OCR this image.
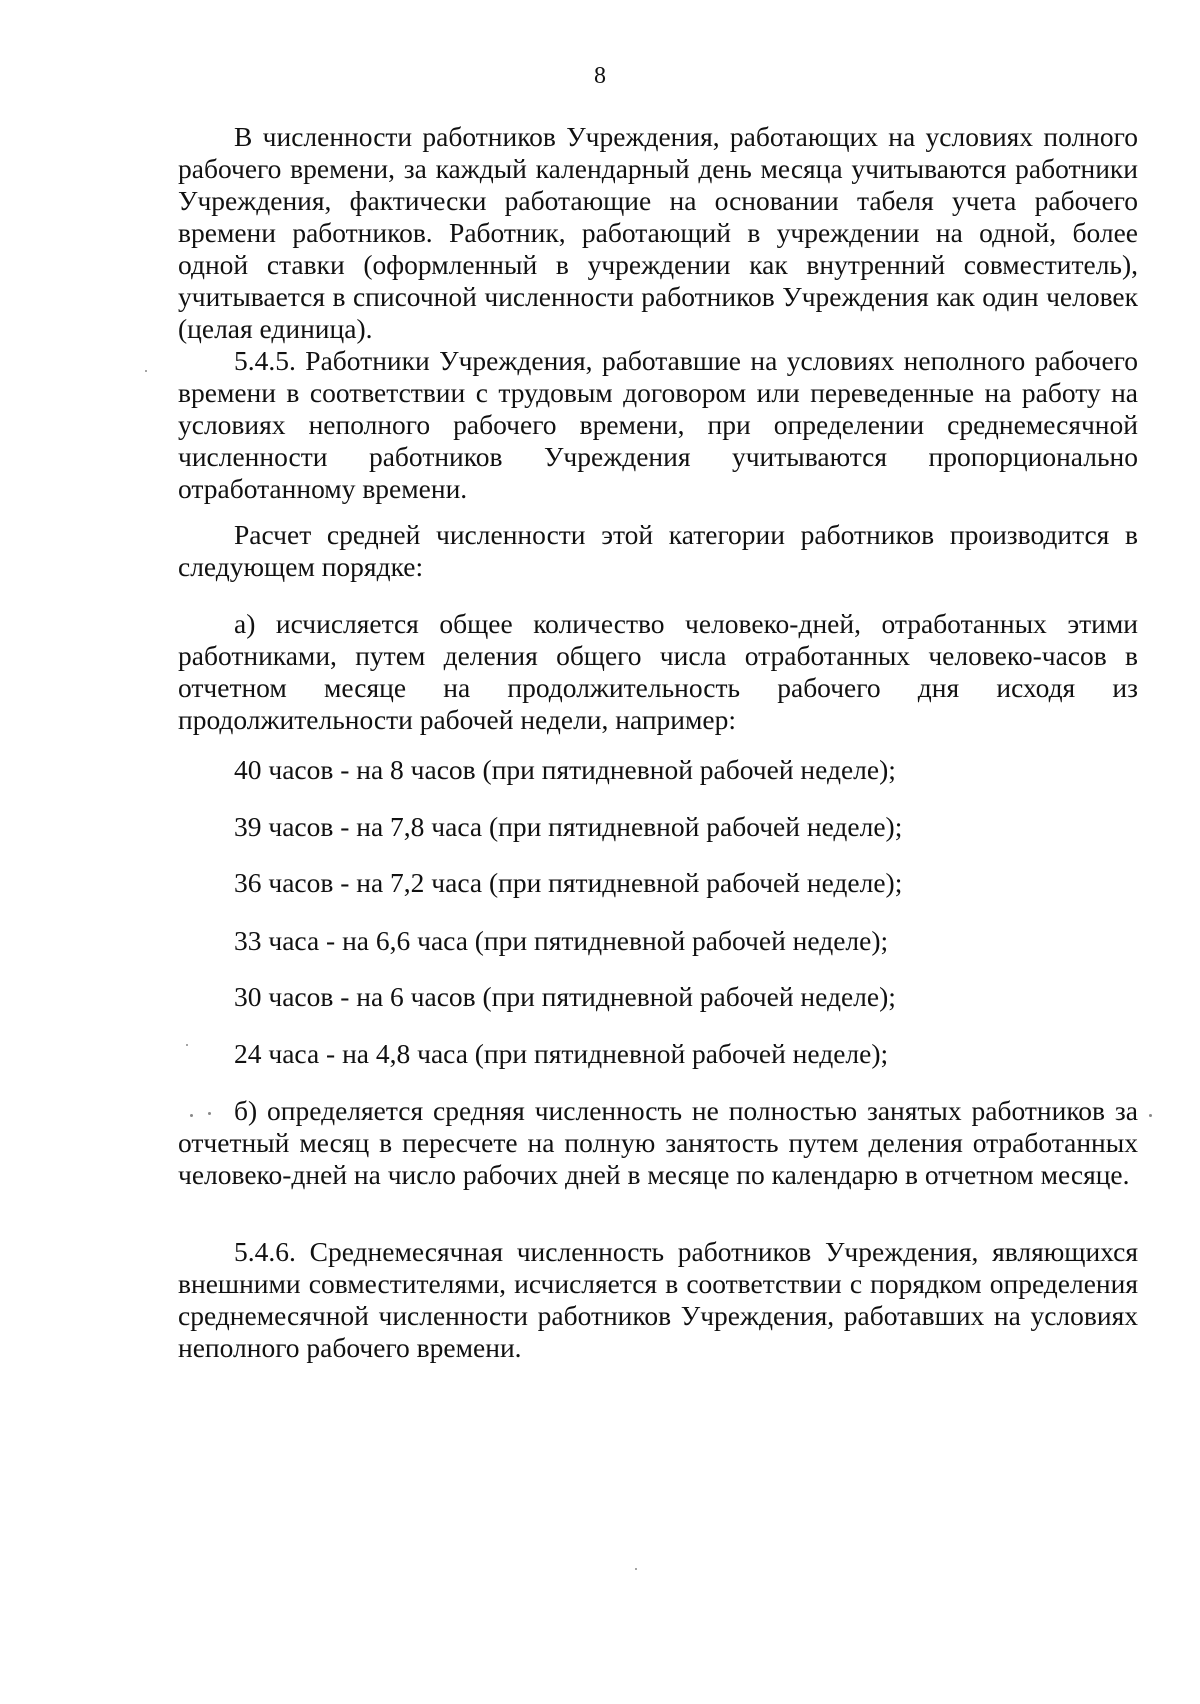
8

В численности работников Учреждения, работающих на условиях полного рабочего времени, за каждый календарный день месяца учитываются работники Учреждения, фактически работающие на основании табеля учета рабочего времени работников. Работник, работающий в учреждении на одной, более одной ставки (оформленный в учреждении как внутренний совместитель), учитывается в списочной численности работников Учреждения как один человек (целая единица).

5.4.5. Работники Учреждения, работавшие на условиях неполного рабочего времени в соответствии с трудовым договором или переведенные на работу на условиях неполного рабочего времени, при определении среднемесячной численности работников Учреждения учитываются пропорционально отработанному времени.

Расчет средней численности этой категории работников производится в следующем порядке:

а) исчисляется общее количество человеко-дней, отработанных этими работниками, путем деления общего числа отработанных человеко-часов в отчетном месяце на продолжительность рабочего дня исходя из продолжительности рабочей недели, например:

40 часов - на 8 часов (при пятидневной рабочей неделе);
39 часов - на 7,8 часа (при пятидневной рабочей неделе);
36 часов - на 7,2 часа (при пятидневной рабочей неделе);
33 часа - на 6,6 часа (при пятидневной рабочей неделе);
30 часов - на 6 часов (при пятидневной рабочей неделе);
24 часа - на 4,8 часа (при пятидневной рабочей неделе);

б) определяется средняя численность не полностью занятых работников за отчетный месяц в пересчете на полную занятость путем деления отработанных человеко-дней на число рабочих дней в месяце по календарю в отчетном месяце.

5.4.6. Среднемесячная численность работников Учреждения, являющихся внешними совместителями, исчисляется в соответствии с порядком определения среднемесячной численности работников Учреждения, работавших на условиях неполного рабочего времени.
